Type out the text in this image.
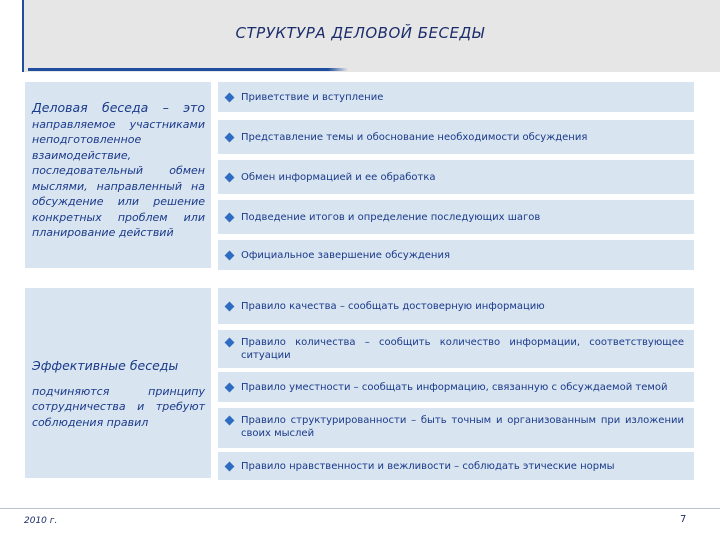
СТРУКТУРА ДЕЛОВОЙ БЕСЕДЫ
Деловая беседа – это направляемое участниками неподготовленное взаимодействие, последовательный обмен мыслями, направленный на обсуждение или решение конкретных проблем или планирование действий
Эффективные беседы
подчиняются принципу сотрудничества и требуют соблюдения правил
Приветствие и вступление
Представление темы и обоснование необходимости обсуждения
Обмен информацией и ее обработка
Подведение итогов и определение последующих шагов
Официальное завершение обсуждения
Правило качества – сообщать достоверную информацию
Правило количества – сообщить количество информации, соответствующее ситуации
Правило уместности – сообщать информацию, связанную с обсуждаемой темой
Правило структурированности – быть точным и организованным при изложении своих мыслей
Правило нравственности и вежливости – соблюдать этические нормы
2010 г.	7
